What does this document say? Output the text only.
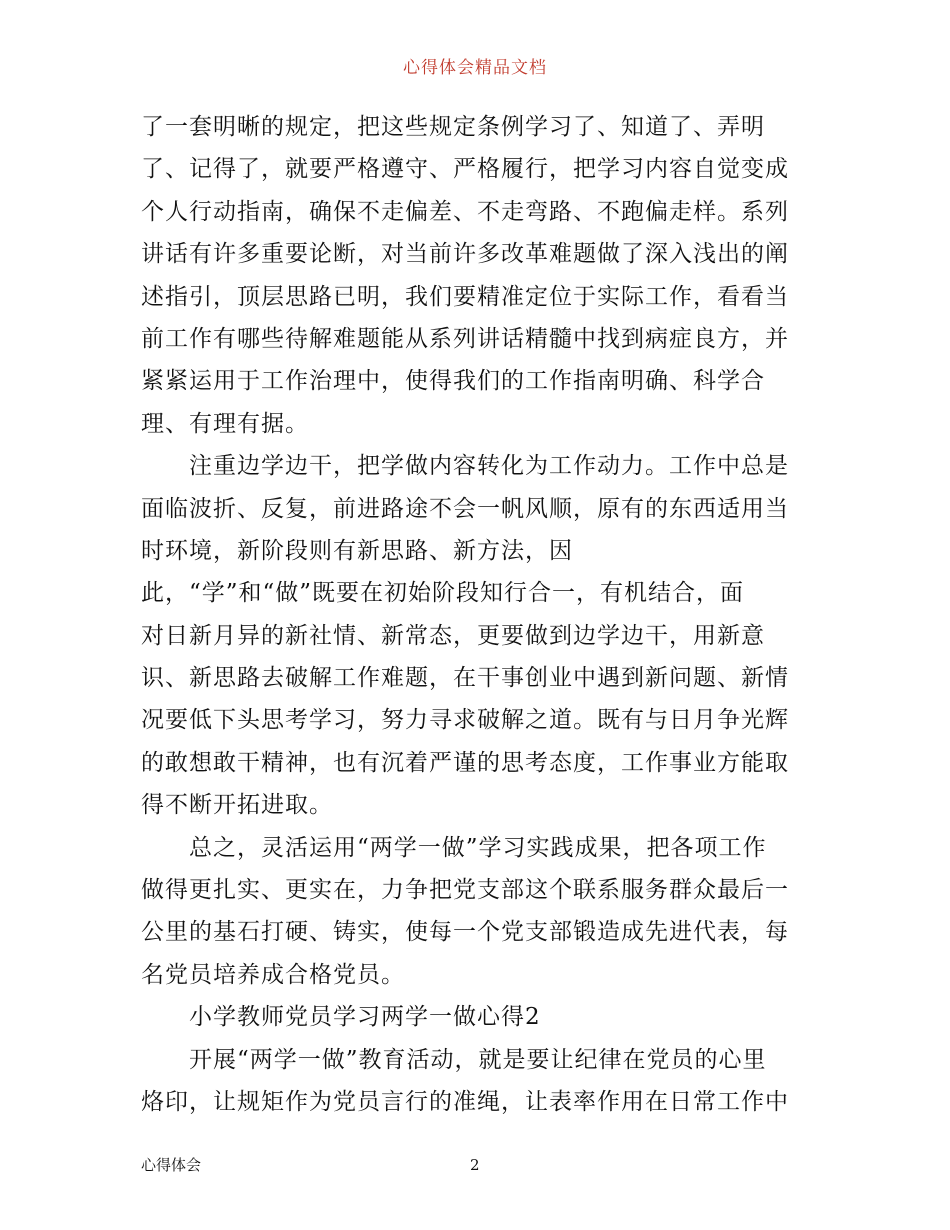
心得体会精品文档
了一套明晰的规定，把这些规定条例学习了、知道了、弄明
了、记得了，就要严格遵守、严格履行，把学习内容自觉变成
个人行动指南，确保不走偏差、不走弯路、不跑偏走样。系列
讲话有许多重要论断，对当前许多改革难题做了深入浅出的阐
述指引，顶层思路已明，我们要精准定位于实际工作，看看当
前工作有哪些待解难题能从系列讲话精髓中找到病症良方，并
紧紧运用于工作治理中，使得我们的工作指南明确、科学合
理、有理有据。
　　注重边学边干，把学做内容转化为工作动力。工作中总是
面临波折、反复，前进路途不会一帆风顺，原有的东西适用当
时环境，新阶段则有新思路、新方法，因
此，“学”和“做”既要在初始阶段知行合一，有机结合，面
对日新月异的新社情、新常态，更要做到边学边干，用新意
识、新思路去破解工作难题，在干事创业中遇到新问题、新情
况要低下头思考学习，努力寻求破解之道。既有与日月争光辉
的敢想敢干精神，也有沉着严谨的思考态度，工作事业方能取
得不断开拓进取。
　　总之，灵活运用“两学一做”学习实践成果，把各项工作
做得更扎实、更实在，力争把党支部这个联系服务群众最后一
公里的基石打硬、铸实，使每一个党支部锻造成先进代表，每
名党员培养成合格党员。
　　小学教师党员学习两学一做心得2
　　开展“两学一做”教育活动，就是要让纪律在党员的心里
烙印，让规矩作为党员言行的准绳，让表率作用在日常工作中
心得体会	2
